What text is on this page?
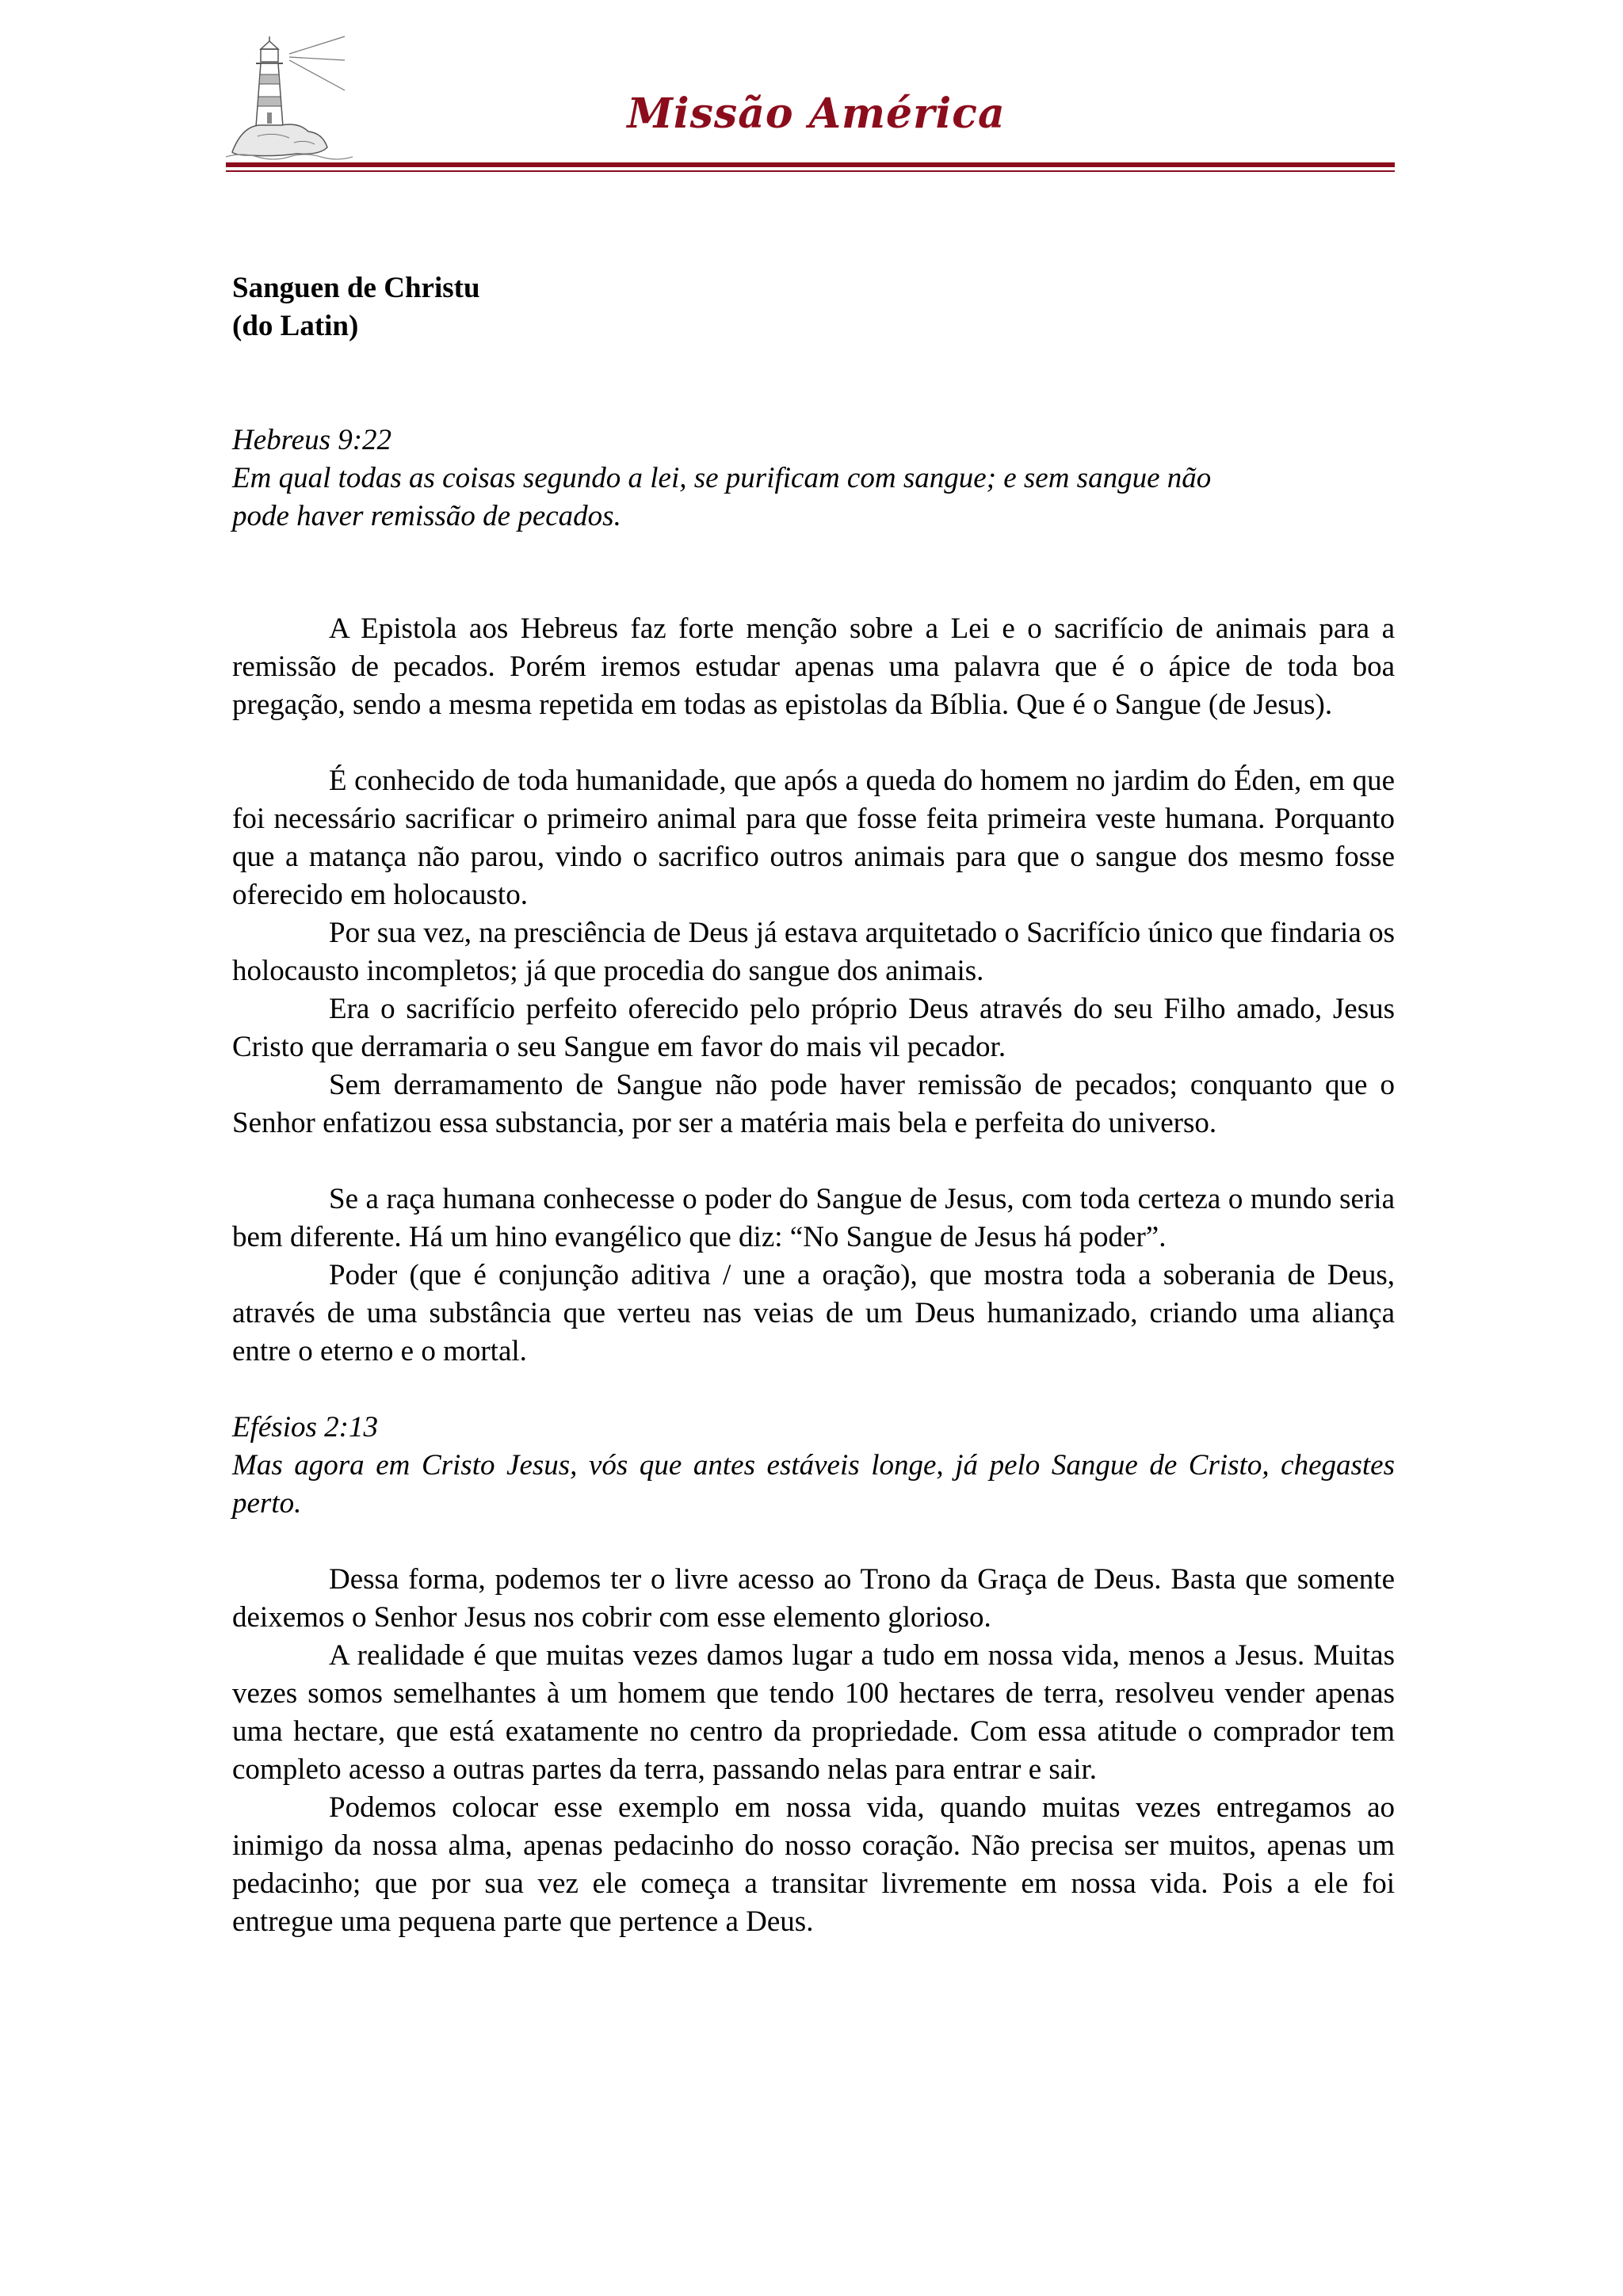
Missão América

Sanguen de Christu

(do Latin)

Hebreus 9:22

Em qual todas as coisas segundo a lei, se purificam com sangue; e sem sangue não

pode haver remissão de pecados.

A Epistola aos Hebreus faz forte menção sobre a Lei e o sacrifício de animais para a remissão de pecados. Porém iremos estudar apenas uma palavra que é o ápice de toda boa pregação, sendo a mesma repetida em todas as epistolas da Bíblia. Que é o Sangue (de Jesus).

É conhecido de toda humanidade, que após a queda do homem no jardim do Éden, em que foi necessário sacrificar o primeiro animal para que fosse feita primeira veste humana. Porquanto que a matança não parou, vindo o sacrifico outros animais para que o sangue dos mesmo fosse oferecido em holocausto.

Por sua vez, na presciência de Deus já estava arquitetado o Sacrifício único que findaria os holocausto incompletos; já que procedia do sangue dos animais.

Era o sacrifício perfeito oferecido pelo próprio Deus através do seu Filho amado, Jesus Cristo que derramaria o seu Sangue em favor do mais vil pecador.

Sem derramamento de Sangue não pode haver remissão de pecados; conquanto que o Senhor enfatizou essa substancia, por ser a matéria mais bela e perfeita do universo.

Se a raça humana conhecesse o poder do Sangue de Jesus, com toda certeza o mundo seria bem diferente. Há um hino evangélico que diz: “No Sangue de Jesus há poder”.

Poder (que é conjunção aditiva / une a oração), que mostra toda a soberania de Deus, através de uma substância que verteu nas veias de um Deus humanizado, criando uma aliança entre o eterno e o mortal.

Efésios 2:13

Mas agora em Cristo Jesus, vós que antes estáveis longe, já pelo Sangue de Cristo, chegastes perto.

Dessa forma, podemos ter o livre acesso ao Trono da Graça de Deus. Basta que somente deixemos o Senhor Jesus nos cobrir com esse elemento glorioso.

A realidade é que muitas vezes damos lugar a tudo em nossa vida, menos a Jesus. Muitas vezes somos semelhantes à um homem que tendo 100 hectares de terra, resolveu vender apenas uma hectare, que está exatamente no centro da propriedade. Com essa atitude o comprador tem completo acesso a outras partes da terra, passando nelas para entrar e sair.

Podemos colocar esse exemplo em nossa vida, quando muitas vezes entregamos ao inimigo da nossa alma, apenas pedacinho do nosso coração. Não precisa ser muitos, apenas um pedacinho; que por sua vez ele começa a transitar livremente em nossa vida. Pois a ele foi entregue uma pequena parte que pertence a Deus.
